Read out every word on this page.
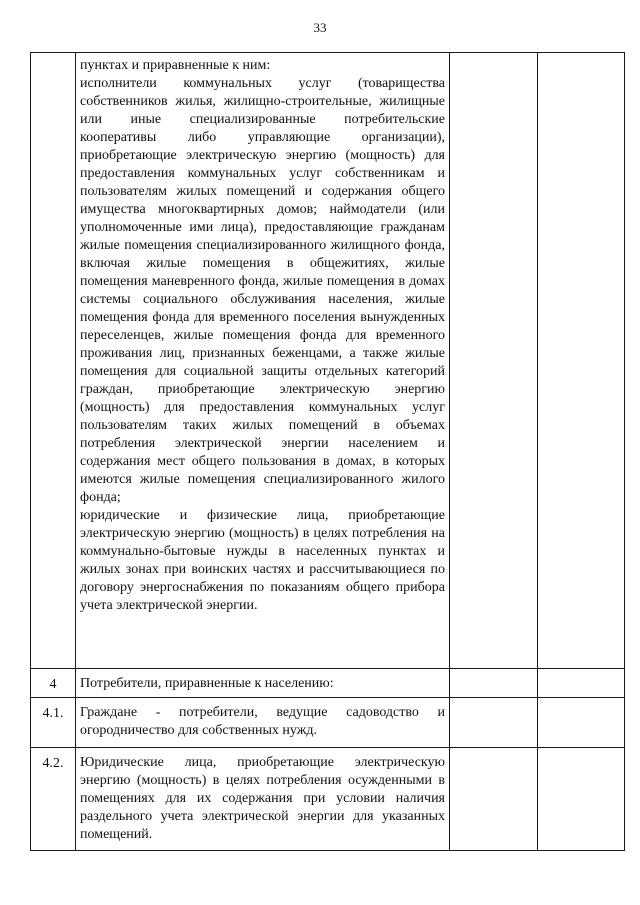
33

	пунктах и приравненные к ним:

исполнители коммунальных услуг (товарищества собственников жилья, жилищно-строительные, жилищные или иные специализированные потребительские кооперативы либо управляющие организации), приобретающие электрическую энергию (мощность) для предоставления коммунальных услуг собственникам и пользователям жилых помещений и содержания общего имущества многоквартирных домов; наймодатели (или уполномоченные ими лица), предоставляющие гражданам жилые помещения специализированного жилищного фонда, включая жилые помещения в общежитиях, жилые помещения маневренного фонда, жилые помещения в домах системы социального обслуживания населения, жилые помещения фонда для временного поселения вынужденных переселенцев, жилые помещения фонда для временного проживания лиц, признанных беженцами, а также жилые помещения для социальной защиты отдельных категорий граждан, приобретающие электрическую энергию (мощность) для предоставления коммунальных услуг пользователям таких жилых помещений в объемах потребления электрической энергии населением и содержания мест общего пользования в домах, в которых имеются жилые помещения специализированного жилого фонда;

юридические и физические лица, приобретающие электрическую энергию (мощность) в целях потребления на коммунально-бытовые нужды в населенных пунктах и жилых зонах при воинских частях и рассчитывающиеся по договору энергоснабжения по показаниям общего прибора учета электрической энергии.		

4	Потребители, приравненные к населению:		

4.1.	Граждане - потребители, ведущие садоводство и огородничество для собственных нужд.		

4.2.	Юридические лица, приобретающие электрическую энергию (мощность) в целях потребления осужденными в помещениях для их содержания при условии наличия раздельного учета электрической энергии для указанных помещений.		
